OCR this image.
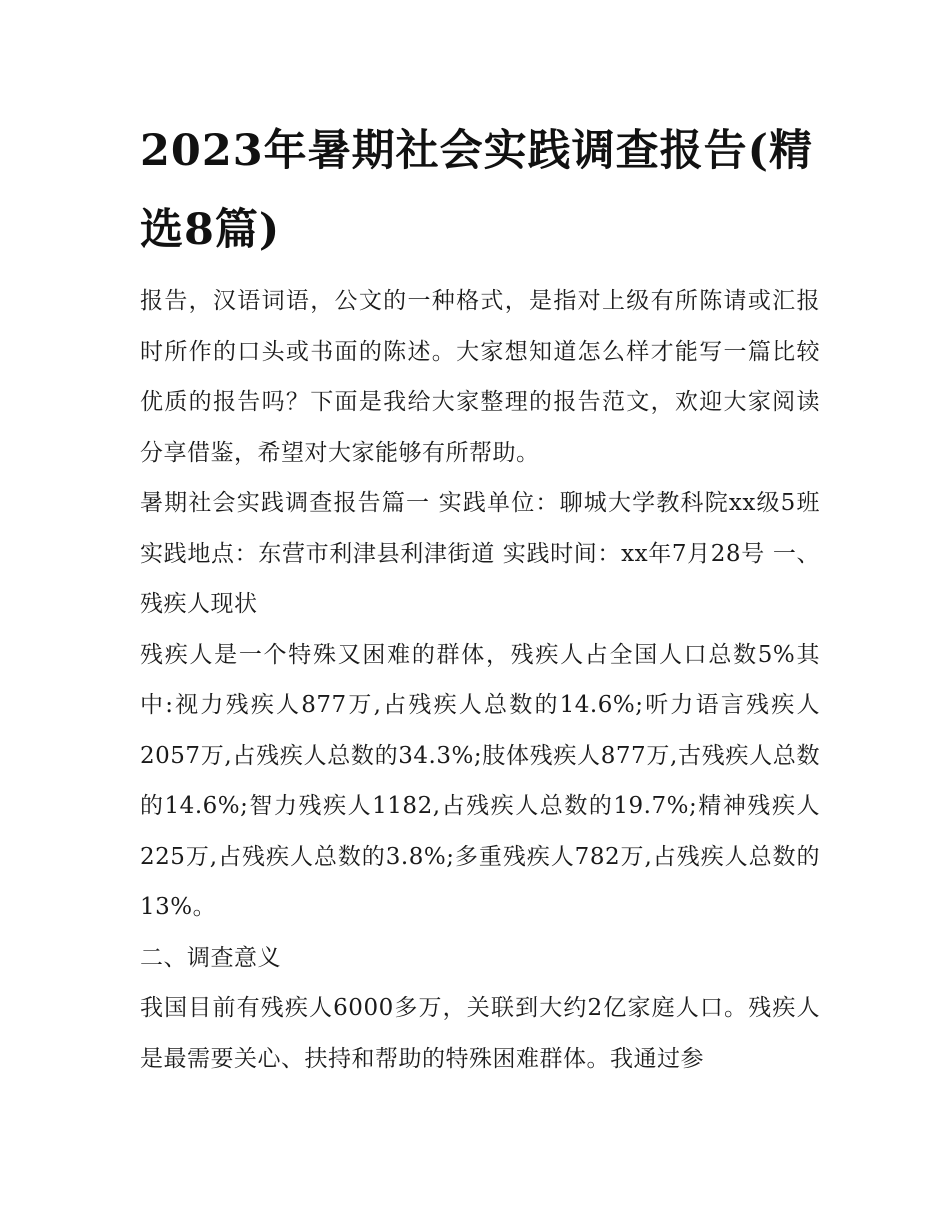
2023年暑期社会实践调查报告(精选8篇)

报告，汉语词语，公文的一种格式，是指对上级有所陈请或汇报时所作的口头或书面的陈述。大家想知道怎么样才能写一篇比较优质的报告吗？下面是我给大家整理的报告范文，欢迎大家阅读分享借鉴，希望对大家能够有所帮助。

暑期社会实践调查报告篇一 实践单位：聊城大学教科院xx级5班 实践地点：东营市利津县利津街道 实践时间：xx年7月28号 一、残疾人现状

残疾人是一个特殊又困难的群体，残疾人占全国人口总数5%其中:视力残疾人877万,占残疾人总数的14.6%;听力语言残疾人2057万,占残疾人总数的34.3%;肢体残疾人877万,古残疾人总数的14.6%;智力残疾人1182,占残疾人总数的19.7%;精神残疾人225万,占残疾人总数的3.8%;多重残疾人782万,占残疾人总数的13%。

二、调查意义

我国目前有残疾人6000多万，关联到大约2亿家庭人口。残疾人是最需要关心、扶持和帮助的特殊困难群体。我通过参
